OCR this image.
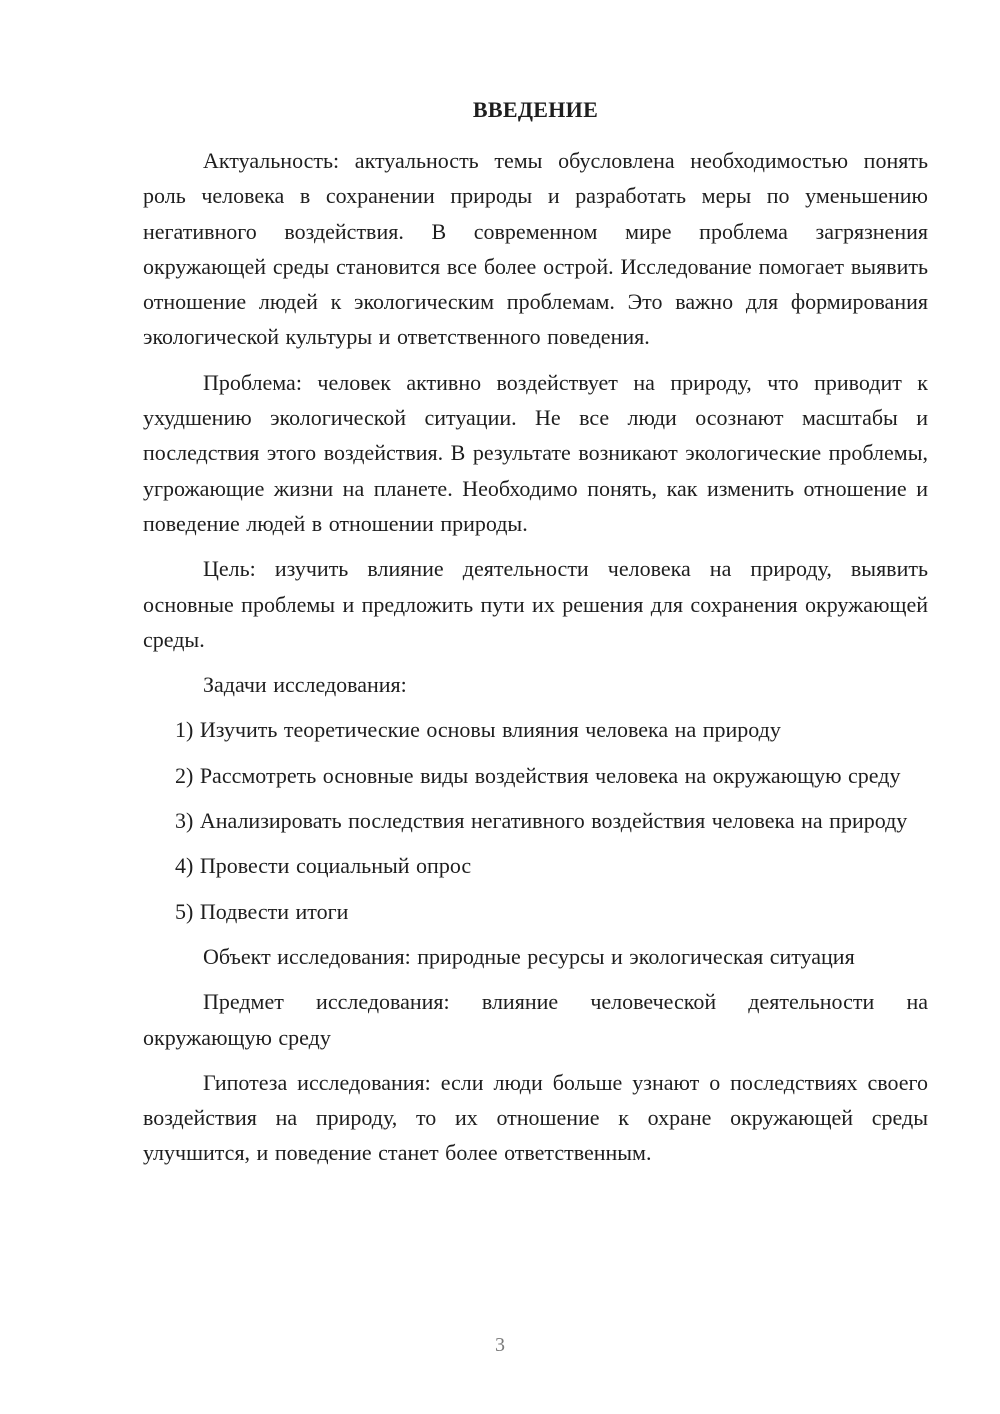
ВВЕДЕНИЕ

Актуальность: актуальность темы обусловлена необходимостью понять роль человека в сохранении природы и разработать меры по уменьшению негативного воздействия. В современном мире проблема загрязнения окружающей среды становится все более острой. Исследование помогает выявить отношение людей к экологическим проблемам. Это важно для формирования экологической культуры и ответственного поведения.

Проблема: человек активно воздействует на природу, что приводит к ухудшению экологической ситуации. Не все люди осознают масштабы и последствия этого воздействия. В результате возникают экологические проблемы, угрожающие жизни на планете. Необходимо понять, как изменить отношение и поведение людей в отношении природы.

Цель: изучить влияние деятельности человека на природу, выявить основные проблемы и предложить пути их решения для сохранения окружающей среды.

Задачи исследования:

1) Изучить теоретические основы влияния человека на природу

2) Рассмотреть основные виды воздействия человека на окружающую среду

3) Анализировать последствия негативного воздействия человека на природу

4) Провести социальный опрос

5) Подвести итоги

Объект исследования: природные ресурсы и экологическая ситуация

Предмет исследования: влияние человеческой деятельности на окружающую среду

Гипотеза исследования: если люди больше узнают о последствиях своего воздействия на природу, то их отношение к охране окружающей среды улучшится, и поведение станет более ответственным.

3
